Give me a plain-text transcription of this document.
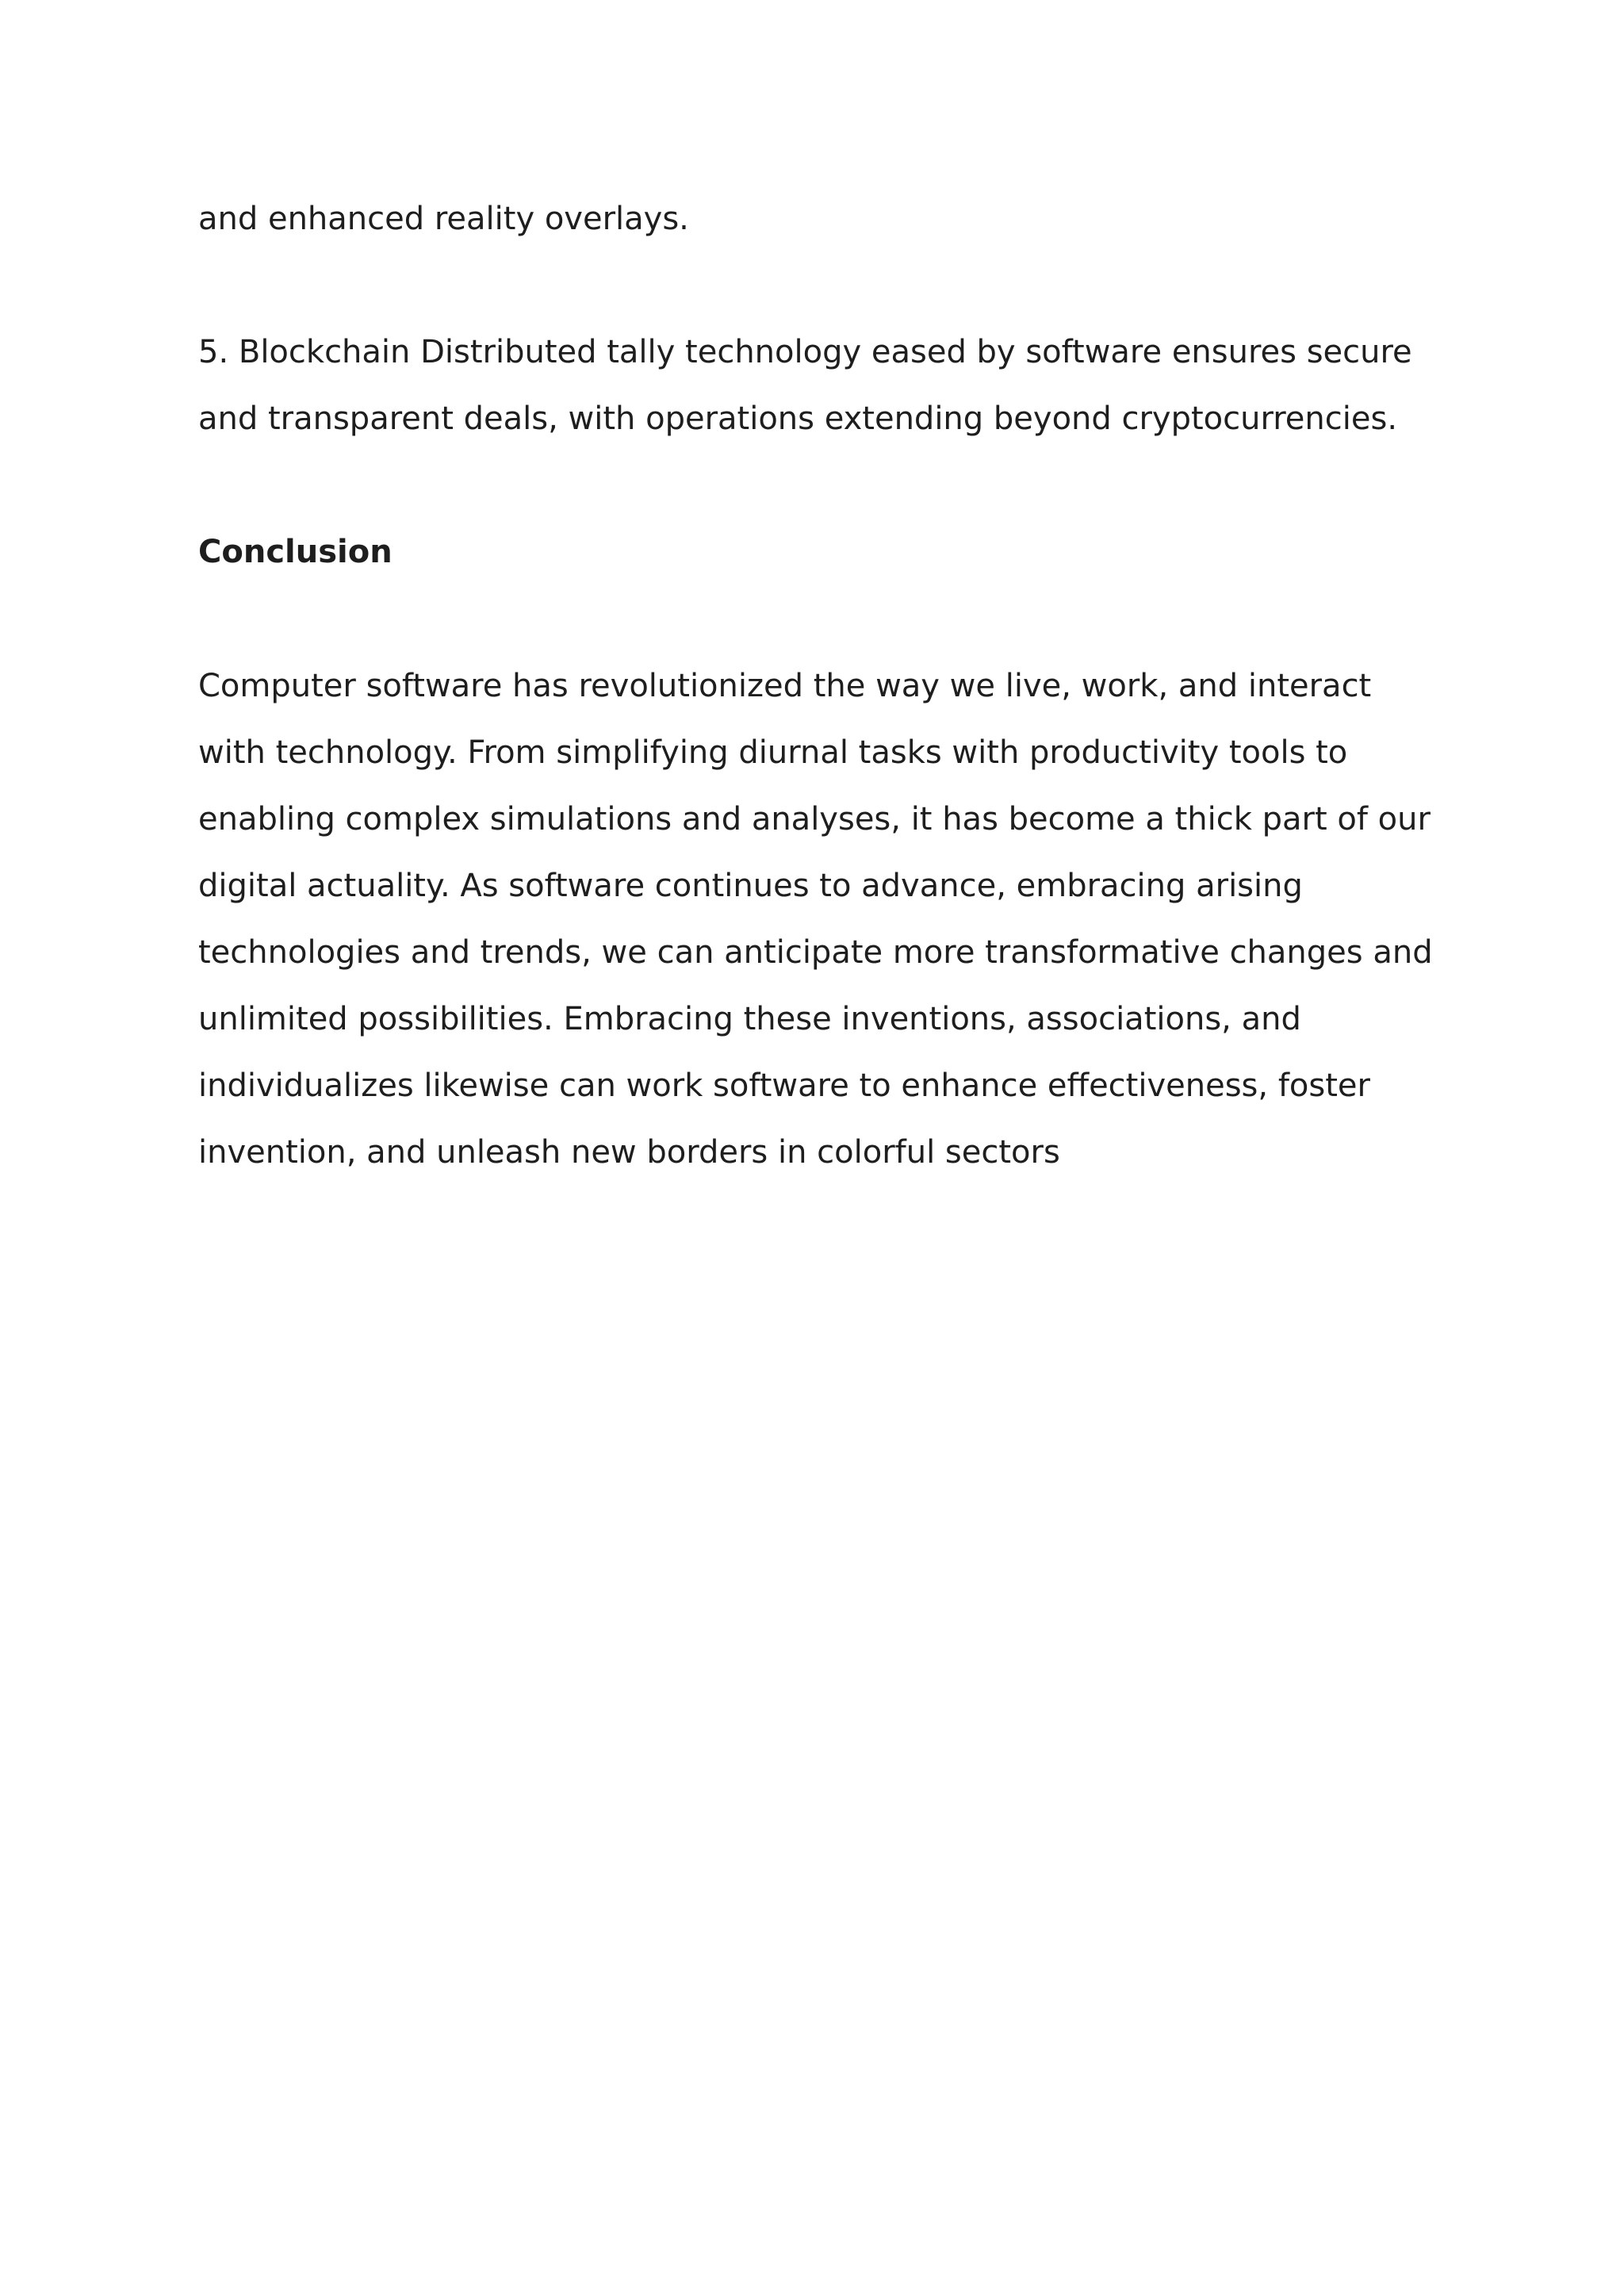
and enhanced reality overlays.

5. Blockchain Distributed tally technology eased by software ensures secure

and transparent deals, with operations extending beyond cryptocurrencies.

Conclusion

Computer software has revolutionized the way we live, work, and interact

with technology. From simplifying diurnal tasks with productivity tools to

enabling complex simulations and analyses, it has become a thick part of our

digital actuality. As software continues to advance, embracing arising

technologies and trends, we can anticipate more transformative changes and

unlimited possibilities. Embracing these inventions, associations, and

individualizes likewise can work software to enhance effectiveness, foster

invention, and unleash new borders in colorful sectors
